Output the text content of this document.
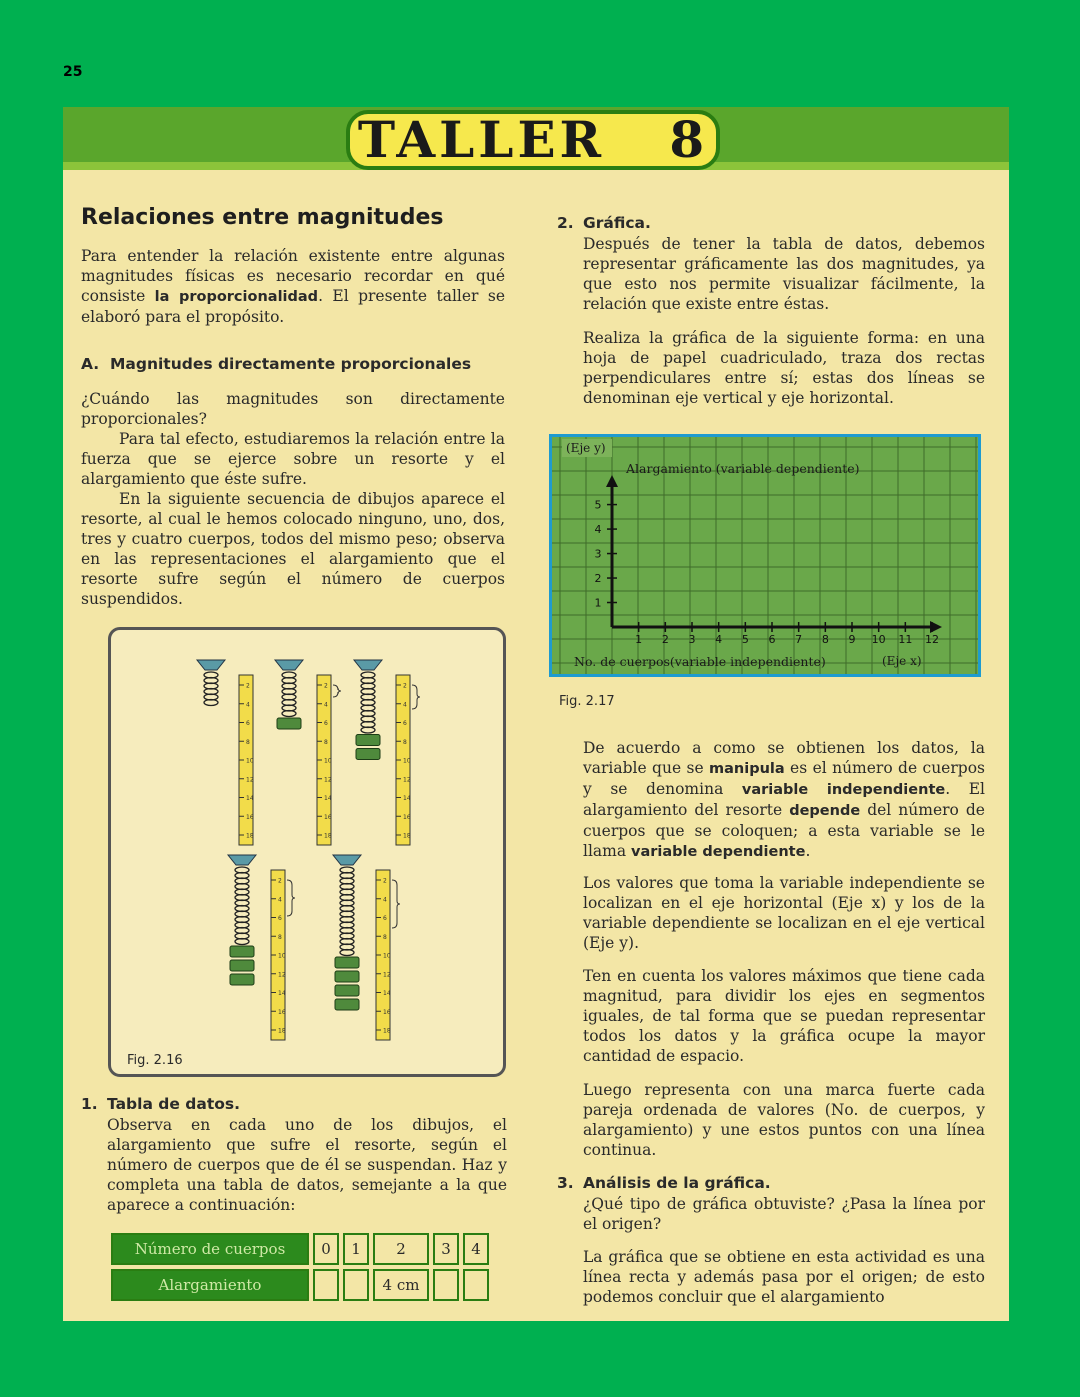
25
TALLER   8
Relaciones entre magnitudes
Para entender la relación existente entre algunas magnitudes físicas es necesario recordar en qué consiste la proporcionalidad. El presente taller se elaboró para el propósito.
A.  Magnitudes directamente proporcionales
¿Cuándo las magnitudes son directamente proporcionales?
Para tal efecto, estudiaremos la relación entre la fuerza que se ejerce sobre un resorte y el alargamiento que éste sufre.
En la siguiente secuencia de dibujos aparece el resorte, al cual le hemos colocado ninguno, uno, dos, tres y cuatro cuerpos, todos del mismo peso; observa en las representaciones el alargamiento que el resorte sufre según el número de cuerpos suspendidos.
2
4
6
8
10
12
14
16
18
2
4
6
8
10
12
14
16
18
2
4
6
8
10
12
14
16
18
2
4
6
8
10
12
14
16
18
2
4
6
8
10
12
14
16
18
Fig. 2.16
1. Tabla de datos.
Observa en cada uno de los dibujos, el alargamiento que sufre el resorte, según el número de cuerpos que de él se suspendan. Haz y completa una tabla de datos, semejante a la que aparece a continuación:
Número de cuerpos	0	1	2	3	4
Alargamiento			4 cm		
2. Gráfica.
Después de tener la tabla de datos, debemos representar gráficamente las dos magnitudes, ya que esto nos permite visualizar fácilmente, la relación que existe entre éstas.
Realiza la gráfica de la siguiente forma: en una hoja de papel cuadriculado, traza dos rectas perpendiculares entre sí; estas dos líneas se denominan eje vertical y eje horizontal.
1 2 3 4 5 6 7 8 9 10 11 12
1
2
3
4
5
(Eje y)
Alargamiento (variable dependiente)
No. de cuerpos(variable independiente)	(Eje x)
Fig. 2.17
De acuerdo a como se obtienen los datos, la variable que se manipula es el número de cuerpos y se denomina variable independiente. El alargamiento del resorte depende del número de cuerpos que se coloquen; a esta variable se le llama variable dependiente.
Los valores que toma la variable independiente se localizan en el eje horizontal (Eje x) y los de la variable dependiente se localizan en el eje vertical (Eje y).
Ten en cuenta los valores máximos que tiene cada magnitud, para dividir los ejes en segmentos iguales, de tal forma que se puedan representar todos los datos y la gráfica ocupe la mayor cantidad de espacio.
Luego representa con una marca fuerte cada pareja ordenada de valores (No. de cuerpos, y alargamiento) y une estos puntos con una línea continua.
3. Análisis de la gráfica.
¿Qué tipo de gráfica obtuviste? ¿Pasa la línea por el origen?
La gráfica que se obtiene en esta actividad es una línea recta y además pasa por el origen; de esto podemos concluir que el alargamiento
